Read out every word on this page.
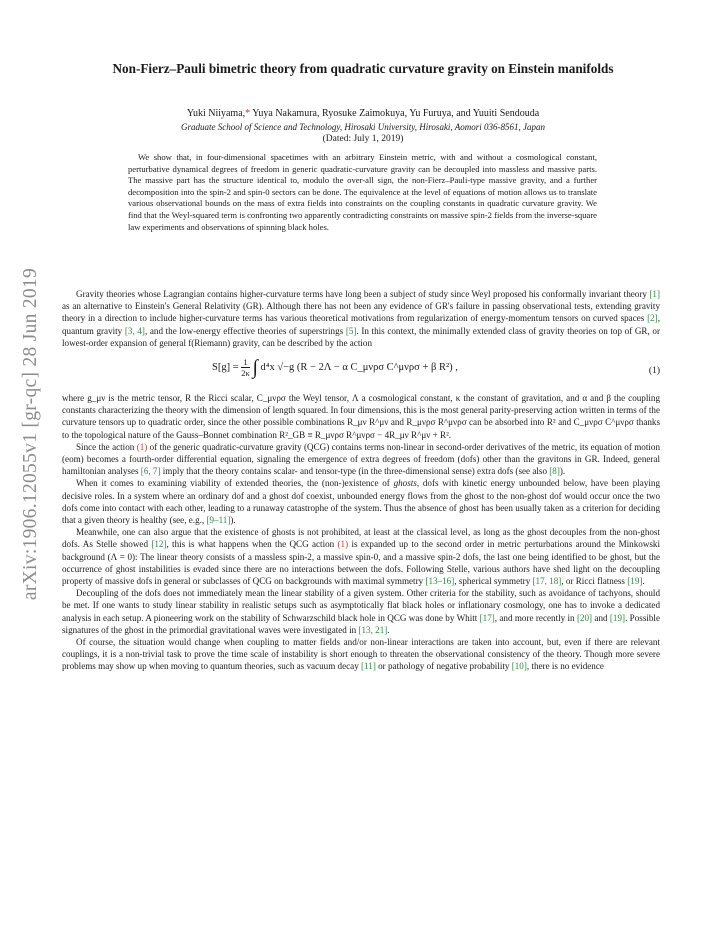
arXiv:1906.12055v1 [gr-qc] 28 Jun 2019
Non-Fierz–Pauli bimetric theory from quadratic curvature gravity on Einstein manifolds
Yuki Niiyama,* Yuya Nakamura, Ryosuke Zaimokuya, Yu Furuya, and Yuuiti Sendouda
Graduate School of Science and Technology, Hirosaki University, Hirosaki, Aomori 036-8561, Japan
(Dated: July 1, 2019)

We show that, in four-dimensional spacetimes with an arbitrary Einstein metric, with and without a cosmological constant, perturbative dynamical degrees of freedom in generic quadratic-curvature gravity can be decoupled into massless and massive parts. The massive part has the structure identical to, modulo the over-all sign, the non-Fierz–Pauli-type massive gravity, and a further decomposition into the spin-2 and spin-0 sectors can be done. The equivalence at the level of equations of motion allows us to translate various observational bounds on the mass of extra fields into constraints on the coupling constants in quadratic curvature gravity. We find that the Weyl-squared term is confronting two apparently contradicting constraints on massive spin-2 fields from the inverse-square law experiments and observations of spinning black holes.

Gravity theories whose Lagrangian contains higher-curvature terms have long been a subject of study since Weyl proposed his conformally invariant theory [1] as an alternative to Einstein's General Relativity (GR). Although there has not been any evidence of GR's failure in passing observational tests, extending gravity theory in a direction to include higher-curvature terms has various theoretical motivations from regularization of energy-momentum tensors on curved spaces [2], quantum gravity [3, 4], and the low-energy effective theories of superstrings [5]. In this context, the minimally extended class of gravity theories on top of GR, or lowest-order expansion of general f(Riemann) gravity, can be described by the action

$S[g] = \frac{1}{2\kappa}$ ∫ d⁴x √−g (R − 2Λ − α C_μνρσ C^μνρσ + β R²) ,	(1)

where g_μν is the metric tensor, R the Ricci scalar, C_μνρσ the Weyl tensor, Λ a cosmological constant, κ the constant of gravitation, and α and β the coupling constants characterizing the theory with the dimension of length squared. In four dimensions, this is the most general parity-preserving action written in terms of the curvature tensors up to quadratic order, since the other possible combinations R_μν R^μν and R_μνρσ R^μνρσ can be absorbed into R² and C_μνρσ C^μνρσ thanks to the topological nature of the Gauss–Bonnet combination R²_GB ≡ R_μνρσ R^μνρσ − 4R_μν R^μν + R².

Since the action (1) of the generic quadratic-curvature gravity (QCG) contains terms non-linear in second-order derivatives of the metric, its equation of motion (eom) becomes a fourth-order differential equation, signaling the emergence of extra degrees of freedom (dofs) other than the gravitons in GR. Indeed, general hamiltonian analyses [6, 7] imply that the theory contains scalar- and tensor-type (in the three-dimensional sense) extra dofs (see also [8]).

When it comes to examining viability of extended theories, the (non-)existence of ghosts, dofs with kinetic energy unbounded below, have been playing decisive roles. In a system where an ordinary dof and a ghost dof coexist, unbounded energy flows from the ghost to the non-ghost dof would occur once the two dofs come into contact with each other, leading to a runaway catastrophe of the system. Thus the absence of ghost has been usually taken as a criterion for deciding that a given theory is healthy (see, e.g., [9–11]).

Meanwhile, one can also argue that the existence of ghosts is not prohibited, at least at the classical level, as long as the ghost decouples from the non-ghost dofs. As Stelle showed [12], this is what happens when the QCG action (1) is expanded up to the second order in metric perturbations around the Minkowski background (Λ = 0): The linear theory consists of a massless spin-2, a massive spin-0, and a massive spin-2 dofs, the last one being identified to be ghost, but the occurrence of ghost instabilities is evaded since there are no interactions between the dofs. Following Stelle, various authors have shed light on the decoupling property of massive dofs in general or subclasses of QCG on backgrounds with maximal symmetry [13–16], spherical symmetry [17, 18], or Ricci flatness [19].

Decoupling of the dofs does not immediately mean the linear stability of a given system. Other criteria for the stability, such as avoidance of tachyons, should be met. If one wants to study linear stability in realistic setups such as asymptotically flat black holes or inflationary cosmology, one has to invoke a dedicated analysis in each setup. A pioneering work on the stability of Schwarzschild black hole in QCG was done by Whitt [17], and more recently in [20] and [19]. Possible signatures of the ghost in the primordial gravitational waves were investigated in [13, 21].

Of course, the situation would change when coupling to matter fields and/or non-linear interactions are taken into account, but, even if there are relevant couplings, it is a non-trivial task to prove the time scale of instability is short enough to threaten the observational consistency of the theory. Though more severe problems may show up when moving to quantum theories, such as vacuum decay [11] or pathology of negative probability [10], there is no evidence
